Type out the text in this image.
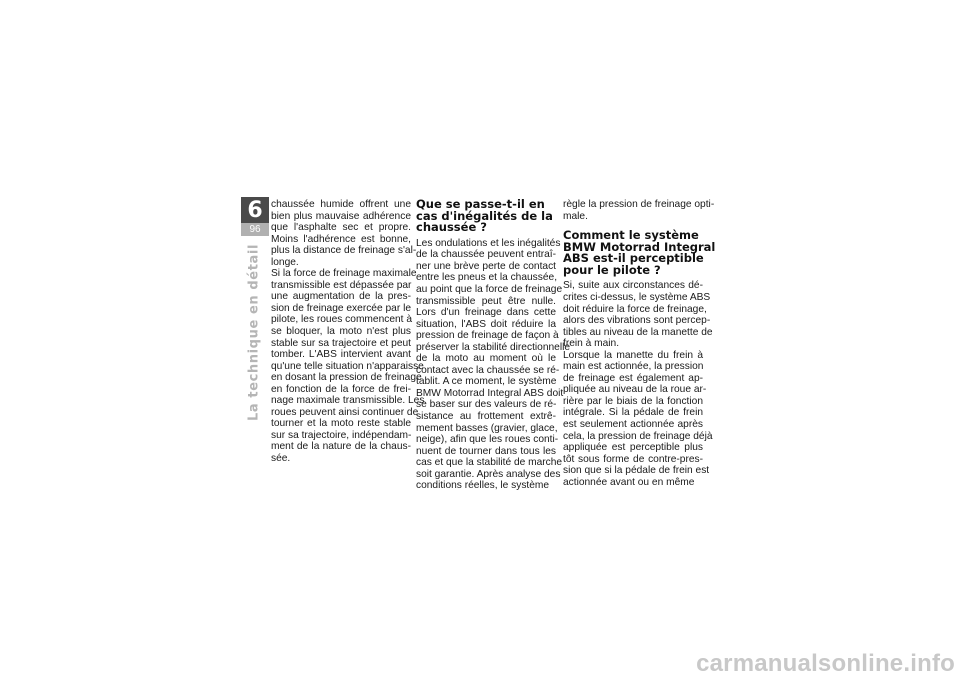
6
96
La technique en détail
chaussée humide offrent une
bien plus mauvaise adhérence
que l'asphalte sec et propre.
Moins l'adhérence est bonne,
plus la distance de freinage s'al-
longe.
Si la force de freinage maximale
transmissible est dépassée par
une augmentation de la pres-
sion de freinage exercée par le
pilote, les roues commencent à
se bloquer, la moto n'est plus
stable sur sa trajectoire et peut
tomber. L'ABS intervient avant
qu'une telle situation n'apparaisse
en dosant la pression de freinage
en fonction de la force de frei-
nage maximale transmissible. Les
roues peuvent ainsi continuer de
tourner et la moto reste stable
sur sa trajectoire, indépendam-
ment de la nature de la chaus-
sée.
Que se passe-t-il en
cas d'inégalités de la
chaussée ?
Les ondulations et les inégalités
de la chaussée peuvent entraî-
ner une brève perte de contact
entre les pneus et la chaussée,
au point que la force de freinage
transmissible peut être nulle.
Lors d'un freinage dans cette
situation, l'ABS doit réduire la
pression de freinage de façon à
préserver la stabilité directionnelle
de la moto au moment où le
contact avec la chaussée se ré-
tablit. A ce moment, le système
BMW Motorrad Integral ABS doit
se baser sur des valeurs de ré-
sistance au frottement extrê-
mement basses (gravier, glace,
neige), afin que les roues conti-
nuent de tourner dans tous les
cas et que la stabilité de marche
soit garantie. Après analyse des
conditions réelles, le système
règle la pression de freinage opti-
male.
Comment le système
BMW Motorrad Integral
ABS est-il perceptible
pour le pilote ?
Si, suite aux circonstances dé-
crites ci-dessus, le système ABS
doit réduire la force de freinage,
alors des vibrations sont percep-
tibles au niveau de la manette de
frein à main.
Lorsque la manette du frein à
main est actionnée, la pression
de freinage est également ap-
pliquée au niveau de la roue ar-
rière par le biais de la fonction
intégrale. Si la pédale de frein
est seulement actionnée après
cela, la pression de freinage déjà
appliquée est perceptible plus
tôt sous forme de contre-pres-
sion que si la pédale de frein est
actionnée avant ou en même
carmanualsonline.info
